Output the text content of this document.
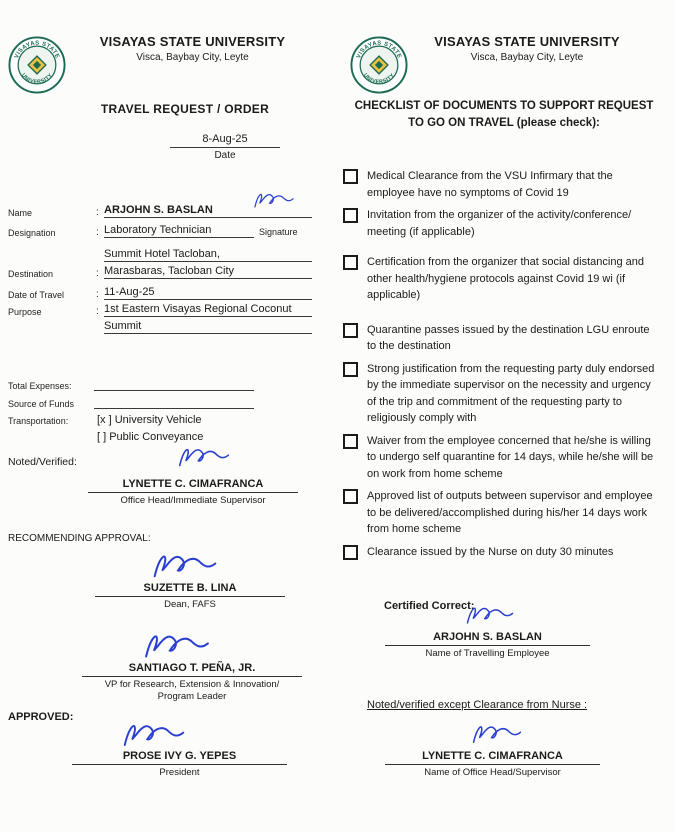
VISAYAS STATE
UNIVERSITY
VISAYAS STATE UNIVERSITY
Visca, Baybay City, Leyte
TRAVEL REQUEST / ORDER
8-Aug-25
Date
Name	: ARJOHN S. BASLAN
Designation	: Laboratory Technician	Signature
Summit Hotel Tacloban,
Destination	: Marasbaras, Tacloban City
Date of Travel	: 11-Aug-25
Purpose	: 1st Eastern Visayas Regional Coconut
Summit
Total Expenses:
Source of Funds
Transportation:	[x ] University Vehicle
[ ] Public Conveyance
Noted/Verified:
LYNETTE C. CIMAFRANCA
Office Head/Immediate Supervisor
RECOMMENDING APPROVAL:
SUZETTE B. LINA
Dean, FAFS
SANTIAGO T. PEÑA, JR.
VP for Research, Extension & Innovation/
Program Leader
APPROVED:
PROSE IVY G. YEPES
President
VISAYAS STATE
UNIVERSITY
VISAYAS STATE UNIVERSITY
Visca, Baybay City, Leyte
CHECKLIST OF DOCUMENTS TO SUPPORT REQUEST
TO GO ON TRAVEL (please check):
Medical Clearance from the VSU Infirmary that the employee have no symptoms of Covid 19
Invitation from the organizer of the activity/conference/ meeting (if applicable)
Certification from the organizer that social distancing and other health/hygiene protocols against Covid 19 wi (if applicable)
Quarantine passes issued by the destination LGU enroute to the destination
Strong justification from the requesting party duly endorsed by the immediate supervisor on the necessity and urgency of the trip and commitment of the requesting party to religiously comply with
Waiver from the employee concerned that he/she is willing to undergo self quarantine for 14 days, while he/she will be on work from home scheme
Approved list of outputs between supervisor and employee to be delivered/accomplished during his/her 14 days work from home scheme
Clearance issued by the Nurse on duty 30 minutes
Certified Correct:
ARJOHN S. BASLAN
Name of Travelling Employee
Noted/verified except Clearance from Nurse :
LYNETTE C. CIMAFRANCA
Name of Office Head/Supervisor
